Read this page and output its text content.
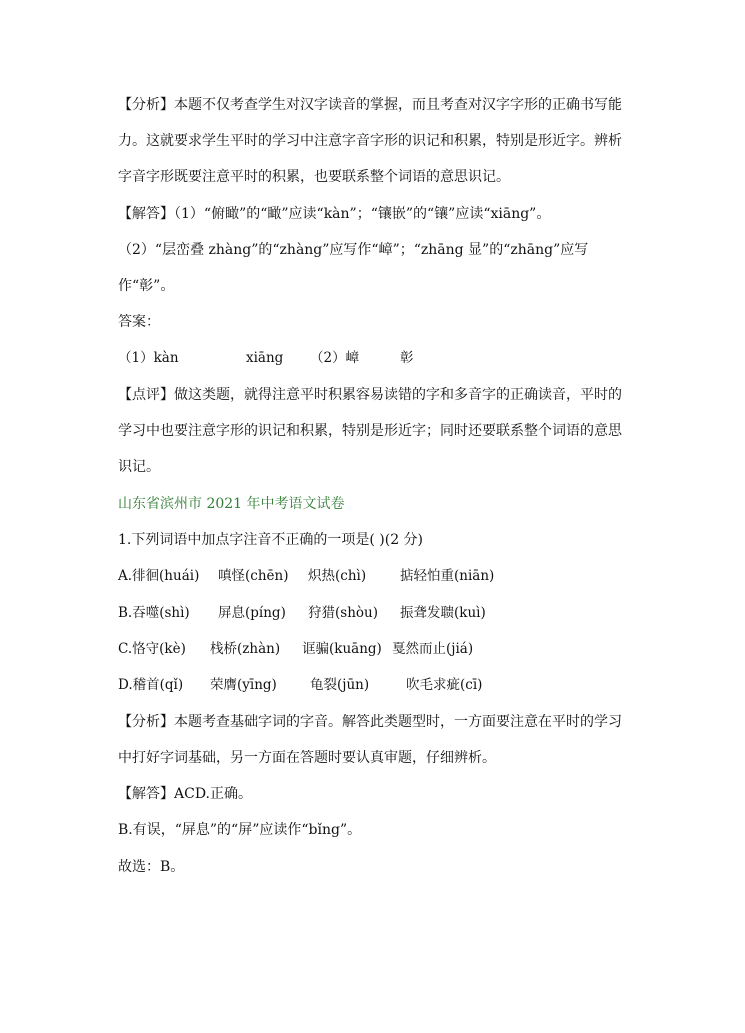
【分析】本题不仅考查学生对汉字读音的掌握，而且考查对汉字字形的正确书写能
力。这就要求学生平时的学习中注意字音字形的识记和积累，特别是形近字。辨析
字音字形既要注意平时的积累，也要联系整个词语的意思识记。
【解答】（1）“俯瞰”的“瞰”应读“kàn”；“镶嵌”的“镶”应读“xiāng”。
（2）“层峦叠 zhàng”的“zhàng”应写作“嶂”；“zhāng 显”的“zhāng”应写
作“彰”。
答案：
（1）kàn	xiāng （2）嶂	彰
【点评】做这类题，就得注意平时积累容易读错的字和多音字的正确读音，平时的
学习中也要注意字形的识记和积累，特别是形近字；同时还要联系整个词语的意思
识记。
山东省滨州市 2021 年中考语文试卷
1.下列词语中加点字注音不正确的一项是( )(2 分)
A.徘徊(huái) 嗔怪(chēn) 炽热(chì)	掂轻怕重(niān)
B.吞噬(shì) 屏息(píng) 狩猎(shòu) 振聋发聩(kuì)
C.恪守(kè) 栈桥(zhàn) 诓骗(kuāng) 戛然而止(jiá)
D.稽首(qǐ) 荣膺(yīng) 龟裂(jūn)	吹毛求疵(cī)
【分析】本题考查基础字词的字音。解答此类题型时，一方面要注意在平时的学习
中打好字词基础，另一方面在答题时要认真审题，仔细辨析。
【解答】ACD.正确。
B.有误，“屏息”的“屏”应读作“bǐng”。
故选：B。
